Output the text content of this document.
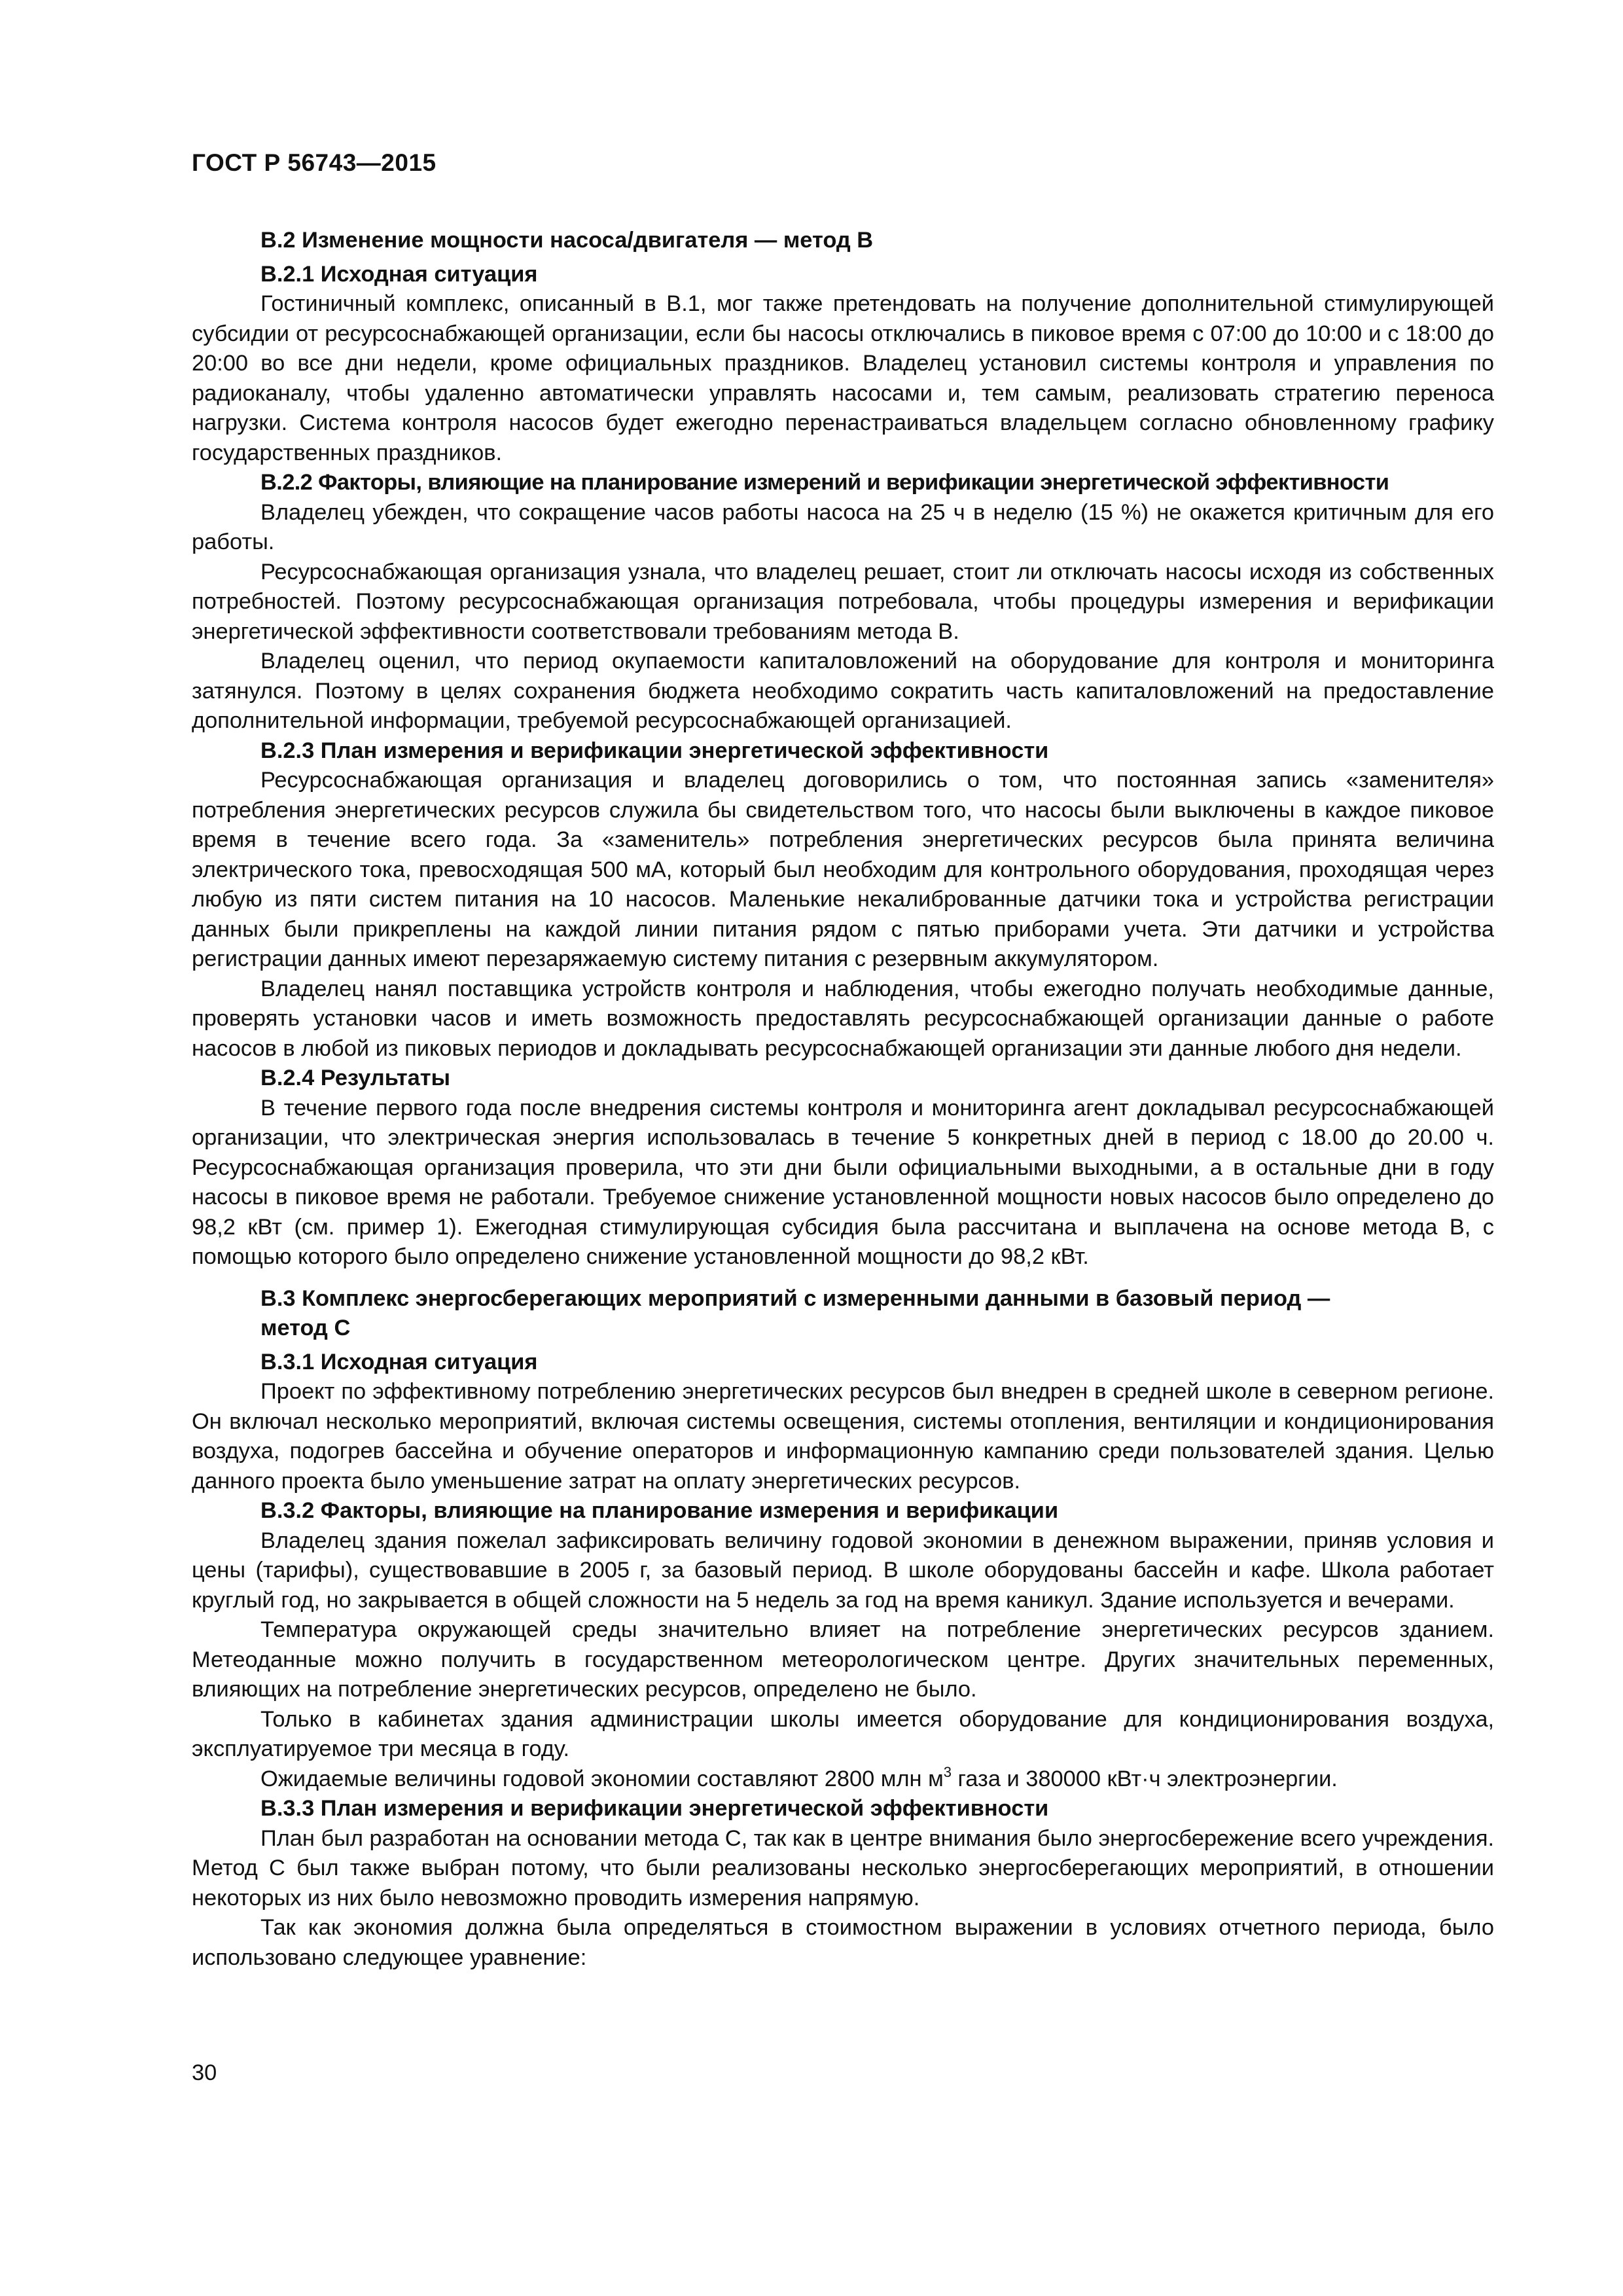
ГОСТ Р 56743—2015
В.2 Изменение мощности насоса/двигателя — метод В
В.2.1 Исходная ситуация

Гостиничный комплекс, описанный в В.1, мог также претендовать на получение дополнительной стимулирующей субсидии от ресурсоснабжающей организации, если бы насосы отключались в пиковое время с 07:00 до 10:00 и с 18:00 до 20:00 во все дни недели, кроме официальных праздников. Владелец установил системы контроля и управления по радиоканалу, чтобы удаленно автоматически управлять насосами и, тем самым, реализовать стратегию переноса нагрузки. Система контроля насосов будет ежегодно перенастраиваться владельцем согласно обновленному графику государственных праздников.

В.2.2 Факторы, влияющие на планирование измерений и верификации энергетической эффективности

Владелец убежден, что сокращение часов работы насоса на 25 ч в неделю (15 %) не окажется критичным для его работы.

Ресурсоснабжающая организация узнала, что владелец решает, стоит ли отключать насосы исходя из собственных потребностей. Поэтому ресурсоснабжающая организация потребовала, чтобы процедуры измерения и верификации энергетической эффективности соответствовали требованиям метода В.

Владелец оценил, что период окупаемости капиталовложений на оборудование для контроля и мониторинга затянулся. Поэтому в целях сохранения бюджета необходимо сократить часть капиталовложений на предоставление дополнительной информации, требуемой ресурсоснабжающей организацией.

В.2.3 План измерения и верификации энергетической эффективности

Ресурсоснабжающая организация и владелец договорились о том, что постоянная запись «заменителя» потребления энергетических ресурсов служила бы свидетельством того, что насосы были выключены в каждое пиковое время в течение всего года. За «заменитель» потребления энергетических ресурсов была принята величина электрического тока, превосходящая 500 мА, который был необходим для контрольного оборудования, проходящая через любую из пяти систем питания на 10 насосов. Маленькие некалиброванные датчики тока и устройства регистрации данных были прикреплены на каждой линии питания рядом с пятью приборами учета. Эти датчики и устройства регистрации данных имеют перезаряжаемую систему питания с резервным аккумулятором.

Владелец нанял поставщика устройств контроля и наблюдения, чтобы ежегодно получать необходимые данные, проверять установки часов и иметь возможность предоставлять ресурсоснабжающей организации данные о работе насосов в любой из пиковых периодов и докладывать ресурсоснабжающей организации эти данные любого дня недели.

В.2.4 Результаты

В течение первого года после внедрения системы контроля и мониторинга агент докладывал ресурсоснабжающей организации, что электрическая энергия использовалась в течение 5 конкретных дней в период с 18.00 до 20.00 ч. Ресурсоснабжающая организация проверила, что эти дни были официальными выходными, а в остальные дни в году насосы в пиковое время не работали. Требуемое снижение установленной мощности новых насосов было определено до 98,2 кВт (см. пример 1). Ежегодная стимулирующая субсидия была рассчитана и выплачена на основе метода В, с помощью которого было определено снижение установленной мощности до 98,2 кВт.

В.3 Комплекс энергосберегающих мероприятий с измеренными данными в базовый период —
метод С
В.3.1 Исходная ситуация

Проект по эффективному потреблению энергетических ресурсов был внедрен в средней школе в северном регионе. Он включал несколько мероприятий, включая системы освещения, системы отопления, вентиляции и кондиционирования воздуха, подогрев бассейна и обучение операторов и информационную кампанию среди пользователей здания. Целью данного проекта было уменьшение затрат на оплату энергетических ресурсов.

В.3.2 Факторы, влияющие на планирование измерения и верификации

Владелец здания пожелал зафиксировать величину годовой экономии в денежном выражении, приняв условия и цены (тарифы), существовавшие в 2005 г, за базовый период. В школе оборудованы бассейн и кафе. Школа работает круглый год, но закрывается в общей сложности на 5 недель за год на время каникул. Здание используется и вечерами.

Температура окружающей среды значительно влияет на потребление энергетических ресурсов зданием. Метеоданные можно получить в государственном метеорологическом центре. Других значительных переменных, влияющих на потребление энергетических ресурсов, определено не было.

Только в кабинетах здания администрации школы имеется оборудование для кондиционирования воздуха, эксплуатируемое три месяца в году.

Ожидаемые величины годовой экономии составляют 2800 млн $м^3$ газа и 380000 кВт·ч электроэнергии.

В.3.3 План измерения и верификации энергетической эффективности

План был разработан на основании метода С, так как в центре внимания было энергосбережение всего учреждения. Метод С был также выбран потому, что были реализованы несколько энергосберегающих мероприятий, в отношении некоторых из них было невозможно проводить измерения напрямую.

Так как экономия должна была определяться в стоимостном выражении в условиях отчетного периода, было использовано следующее уравнение:

30
